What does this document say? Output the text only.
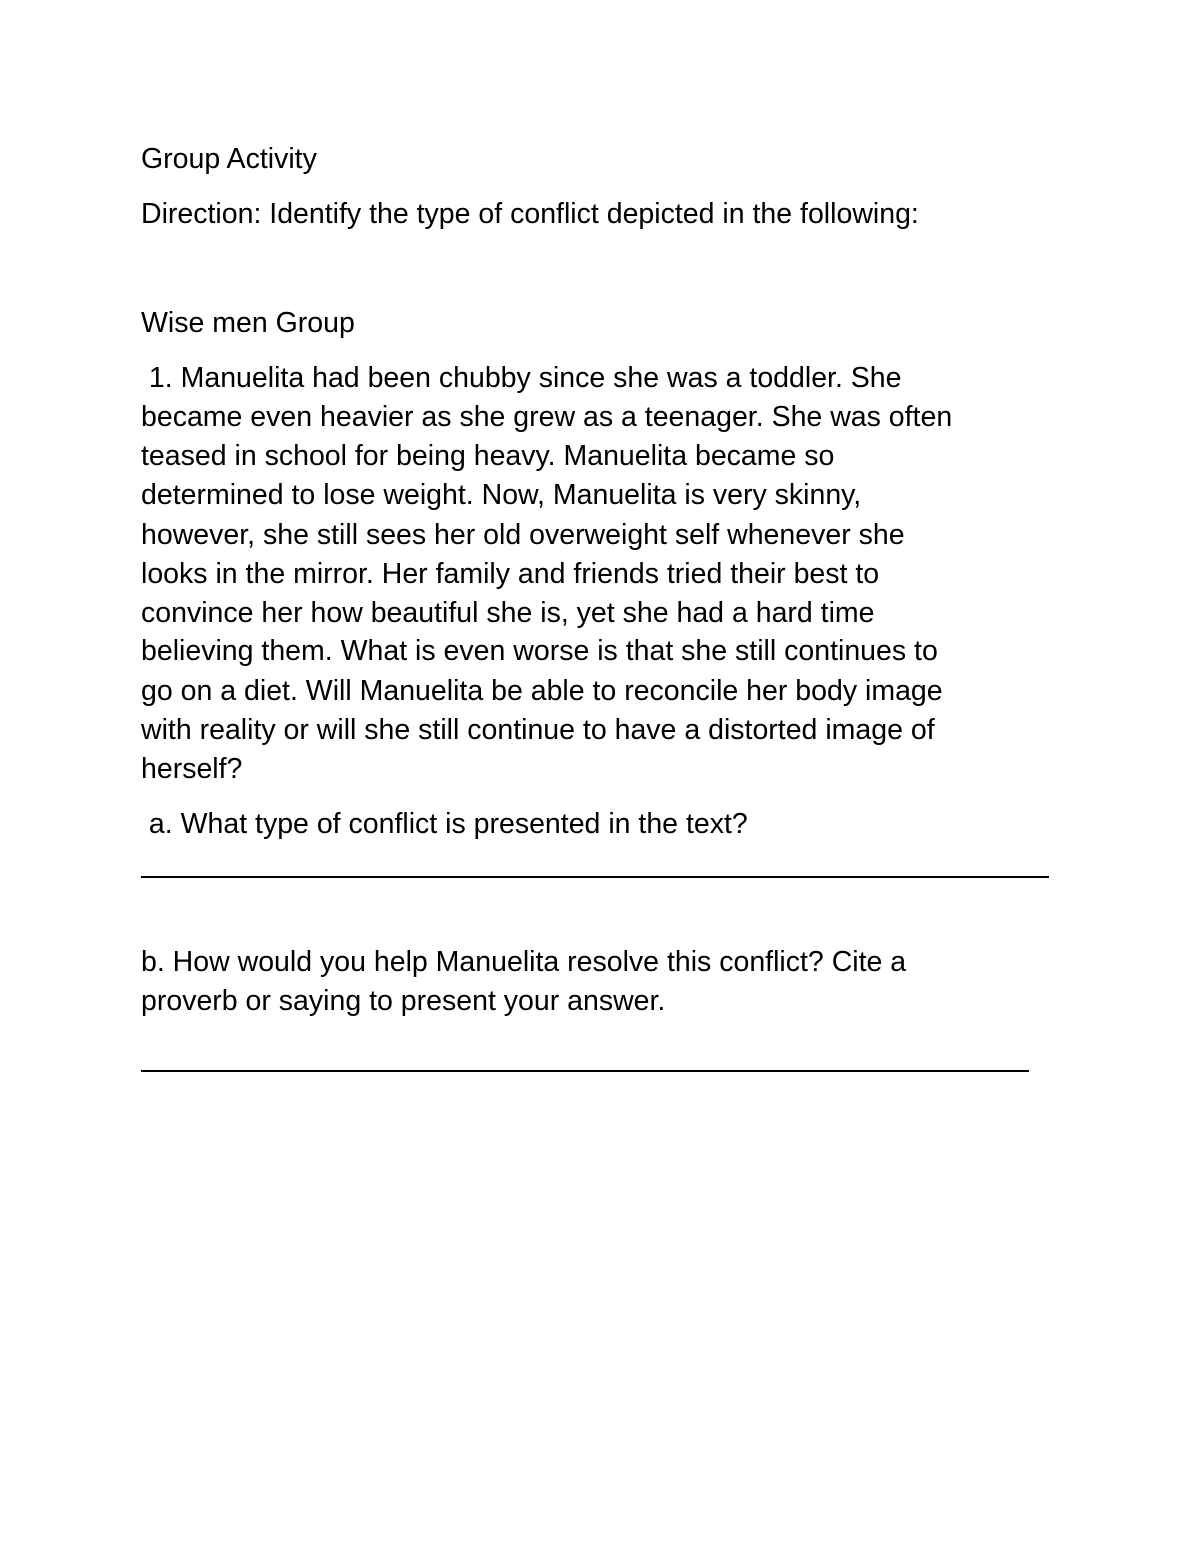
Group Activity

Direction: Identify the type of conflict depicted in the following:

Wise men Group

1. Manuelita had been chubby since she was a toddler. She

became even heavier as she grew as a teenager. She was often

teased in school for being heavy. Manuelita became so

determined to lose weight. Now, Manuelita is very skinny,

however, she still sees her old overweight self whenever she

looks in the mirror. Her family and friends tried their best to

convince her how beautiful she is, yet she had a hard time

believing them. What is even worse is that she still continues to

go on a diet. Will Manuelita be able to reconcile her body image

with reality or will she still continue to have a distorted image of

herself?

a. What type of conflict is presented in the text?

b. How would you help Manuelita resolve this conflict? Cite a

proverb or saying to present your answer.
